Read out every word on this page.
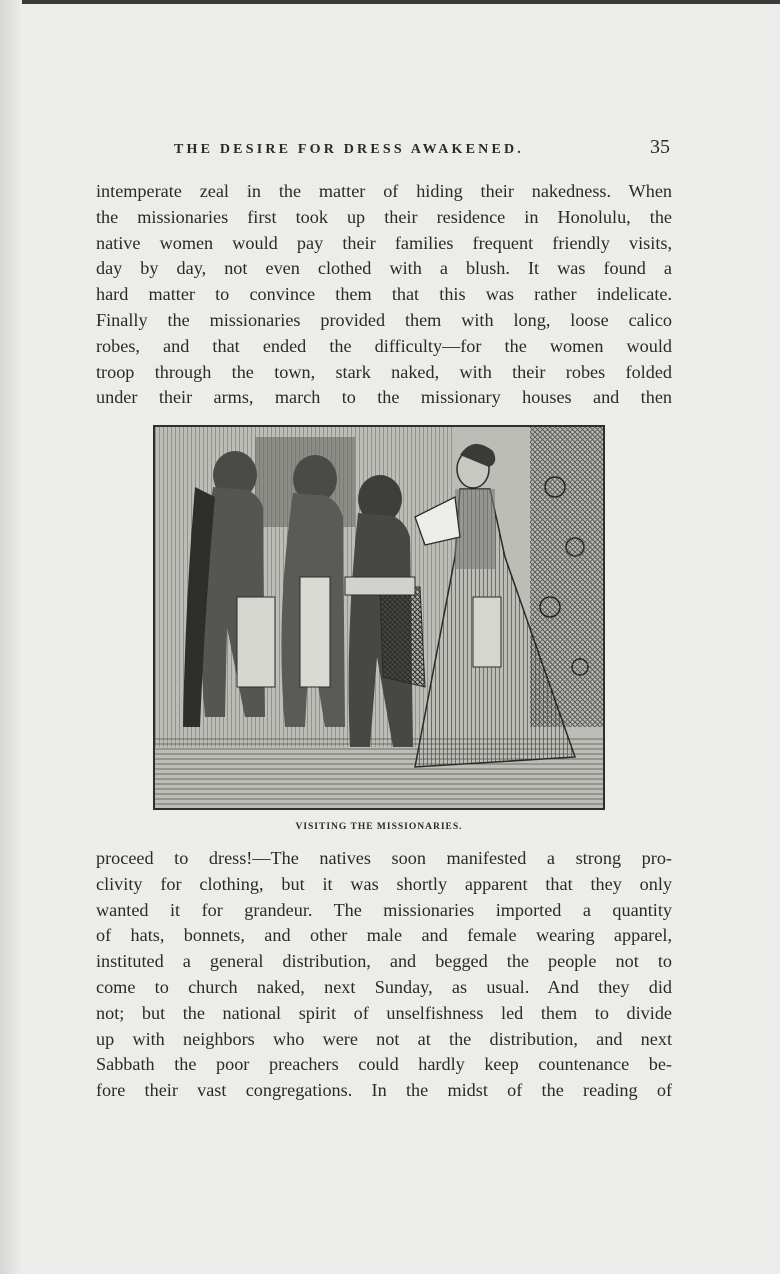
THE DESIRE FOR DRESS AWAKENED.	35
intemperate zeal in the matter of hiding their nakedness. When
the missionaries first took up their residence in Honolulu, the
native women would pay their families frequent friendly visits,
day by day, not even clothed with a blush. It was found a
hard matter to convince them that this was rather indelicate.
Finally the missionaries provided them with long, loose calico
robes, and that ended the difficulty—for the women would
troop through the town, stark naked, with their robes folded
under their arms, march to the missionary houses and then
VISITING THE MISSIONARIES.
proceed to dress!—The natives soon manifested a strong pro-
clivity for clothing, but it was shortly apparent that they only
wanted it for grandeur. The missionaries imported a quantity
of hats, bonnets, and other male and female wearing apparel,
instituted a general distribution, and begged the people not to
come to church naked, next Sunday, as usual. And they did
not; but the national spirit of unselfishness led them to divide
up with neighbors who were not at the distribution, and next
Sabbath the poor preachers could hardly keep countenance be-
fore their vast congregations. In the midst of the reading of
